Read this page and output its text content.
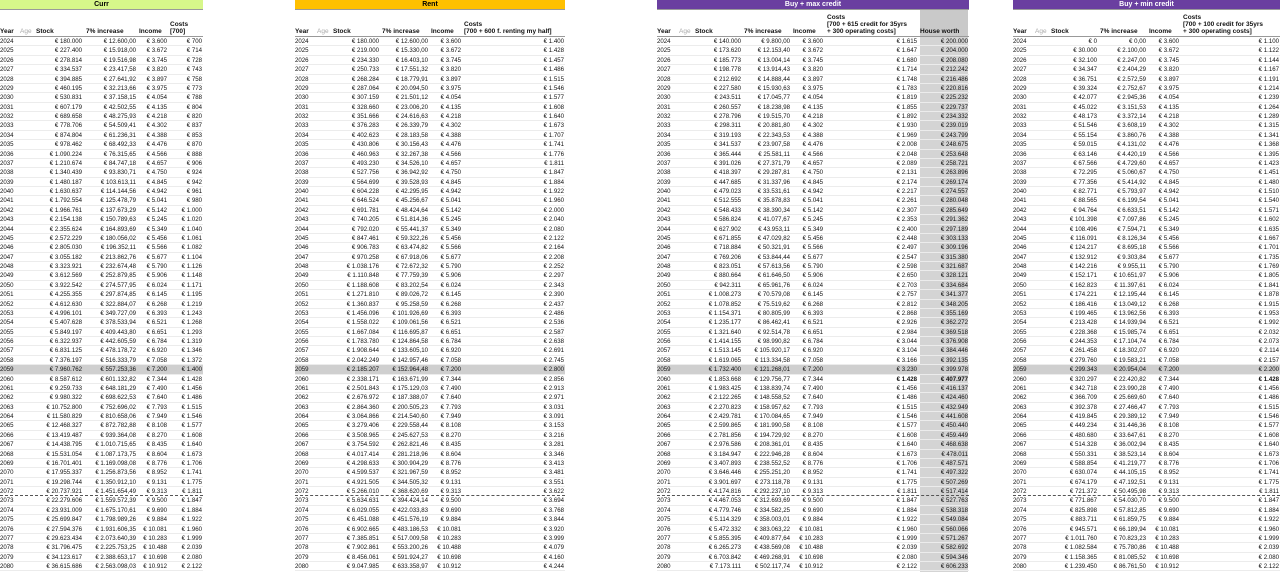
Curr
Year Age Stock	7% increase	Income
Costs
[700]
2024	€ 180.000	€ 12.600,00	€ 3.600	€ 700
2025	€ 227.400	€ 15.918,00	€ 3.672	€ 714
2026	€ 278.814	€ 19.516,98	€ 3.745	€ 728
2027	€ 334.537	€ 23.417,58	€ 3.820	€ 743
2028	€ 394.885	€ 27.641,92	€ 3.897	€ 758
2029	€ 460.195	€ 32.213,66	€ 3.975	€ 773
2030	€ 530.831	€ 37.158,15	€ 4.054	€ 788
2031	€ 607.179	€ 42.502,55	€ 4.135	€ 804
2032	€ 689.658	€ 48.275,93	€ 4.218	€ 820
2033	€ 778.706	€ 54.509,41	€ 4.302	€ 837
2034	€ 874.804	€ 61.236,31	€ 4.388	€ 853
2035	€ 978.462	€ 68.492,33	€ 4.476	€ 870
2036	€ 1.090.224	€ 76.315,65	€ 4.566	€ 888
2037	€ 1.210.674	€ 84.747,18	€ 4.657	€ 906
2038	€ 1.340.439	€ 93.830,71	€ 4.750	€ 924
2039	€ 1.480.187	€ 103.613,11	€ 4.845	€ 942
2040	€ 1.630.637	€ 114.144,56	€ 4.942	€ 961
2041	€ 1.792.554	€ 125.478,79	€ 5.041	€ 980
2042	€ 1.966.761	€ 137.673,29	€ 5.142	€ 1.000
2043	€ 2.154.138	€ 150.789,63	€ 5.245	€ 1.020
2044	€ 2.355.624	€ 164.893,69	€ 5.349	€ 1.040
2045	€ 2.572.229	€ 180.056,02	€ 5.456	€ 1.061
2046	€ 2.805.030	€ 196.352,11	€ 5.566	€ 1.082
2047	€ 3.055.182	€ 213.862,76	€ 5.677	€ 1.104
2048	€ 3.323.921	€ 232.674,48	€ 5.790	€ 1.126
2049	€ 3.612.569	€ 252.879,85	€ 5.906	€ 1.148
2050	€ 3.922.542	€ 274.577,95	€ 6.024	€ 1.171
2051	€ 4.255.355	€ 297.874,85	€ 6.145	€ 1.195
2052	€ 4.612.630	€ 322.884,07	€ 6.268	€ 1.219
2053	€ 4.996.101	€ 349.727,09	€ 6.393	€ 1.243
2054	€ 5.407.628	€ 378.533,94	€ 6.521	€ 1.268
2055	€ 5.849.197	€ 409.443,80	€ 6.651	€ 1.293
2056	€ 6.322.937	€ 442.605,59	€ 6.784	€ 1.319
2057	€ 6.831.125	€ 478.178,72	€ 6.920	€ 1.346
2058	€ 7.376.197	€ 516.333,79	€ 7.058	€ 1.372
2059	€ 7.960.762	€ 557.253,36	€ 7.200	€ 1.400
2060	€ 8.587.612	€ 601.132,82	€ 7.344	€ 1.428
2061	€ 9.259.733	€ 648.181,29	€ 7.490	€ 1.456
2062	€ 9.980.322	€ 698.622,53	€ 7.640	€ 1.486
2063	€ 10.752.800	€ 752.696,02	€ 7.793	€ 1.515
2064	€ 11.580.829	€ 810.658,06	€ 7.949	€ 1.546
2065	€ 12.468.327	€ 872.782,88	€ 8.108	€ 1.577
2066	€ 13.419.487	€ 939.364,08	€ 8.270	€ 1.608
2067	€ 14.438.795	€ 1.010.715,65	€ 8.435	€ 1.640
2068	€ 15.531.054	€ 1.087.173,75	€ 8.604	€ 1.673
2069	€ 16.701.401	€ 1.169.098,08	€ 8.776	€ 1.706
2070	€ 17.955.337	€ 1.256.873,56	€ 8.952	€ 1.741
2071	€ 19.298.744	€ 1.350.912,10	€ 9.131	€ 1.775
2072	€ 20.737.921	€ 1.451.654,49	€ 9.313	€ 1.811
2073	€ 22.279.606	€ 1.559.572,39	€ 9.500	€ 1.847
2074	€ 23.931.009	€ 1.675.170,61	€ 9.690	€ 1.884
2075	€ 25.699.847	€ 1.798.989,26	€ 9.884	€ 1.922
2076	€ 27.594.376	€ 1.931.606,35	€ 10.081	€ 1.960
2077	€ 29.623.434	€ 2.073.640,39	€ 10.283	€ 1.999
2078	€ 31.796.475	€ 2.225.753,25	€ 10.488	€ 2.039
2079	€ 34.123.617	€ 2.388.653,17	€ 10.698	€ 2.080
2080	€ 36.615.686	€ 2.563.098,03	€ 10.912	€ 2.122
Rent
Year	Age Stock	7% increase	Income
Costs
[700 + 600 f. renting my half]
2024	€ 180.000	€ 12.600,00	€ 3.600	€ 1.400
2025	€ 219.000	€ 15.330,00	€ 3.672	€ 1.428
2026	€ 234.330	€ 16.403,10	€ 3.745	€ 1.457
2027	€ 250.733	€ 17.551,32	€ 3.820	€ 1.486
2028	€ 268.284	€ 18.779,91	€ 3.897	€ 1.515
2029	€ 287.064	€ 20.094,50	€ 3.975	€ 1.546
2030	€ 307.159	€ 21.501,12	€ 4.054	€ 1.577
2031	€ 328.660	€ 23.006,20	€ 4.135	€ 1.608
2032	€ 351.666	€ 24.616,63	€ 4.218	€ 1.640
2033	€ 376.283	€ 26.339,79	€ 4.302	€ 1.673
2034	€ 402.623	€ 28.183,58	€ 4.388	€ 1.707
2035	€ 430.806	€ 30.156,43	€ 4.476	€ 1.741
2036	€ 460.963	€ 32.267,38	€ 4.566	€ 1.776
2037	€ 493.230	€ 34.526,10	€ 4.657	€ 1.811
2038	€ 527.756	€ 36.942,92	€ 4.750	€ 1.847
2039	€ 564.699	€ 39.528,93	€ 4.845	€ 1.884
2040	€ 604.228	€ 42.295,95	€ 4.942	€ 1.922
2041	€ 646.524	€ 45.256,67	€ 5.041	€ 1.960
2042	€ 691.781	€ 48.424,64	€ 5.142	€ 2.000
2043	€ 740.205	€ 51.814,36	€ 5.245	€ 2.040
2044	€ 792.020	€ 55.441,37	€ 5.349	€ 2.080
2045	€ 847.461	€ 59.322,26	€ 5.456	€ 2.122
2046	€ 906.783	€ 63.474,82	€ 5.566	€ 2.164
2047	€ 970.258	€ 67.918,06	€ 5.677	€ 2.208
2048	€ 1.038.176	€ 72.672,32	€ 5.790	€ 2.252
2049	€ 1.110.848	€ 77.759,39	€ 5.906	€ 2.297
2050	€ 1.188.608	€ 83.202,54	€ 6.024	€ 2.343
2051	€ 1.271.810	€ 89.026,72	€ 6.145	€ 2.390
2052	€ 1.360.837	€ 95.258,59	€ 6.268	€ 2.437
2053	€ 1.456.096	€ 101.926,69	€ 6.393	€ 2.486
2054	€ 1.558.022	€ 109.061,56	€ 6.521	€ 2.536
2055	€ 1.667.084	€ 116.695,87	€ 6.651	€ 2.587
2056	€ 1.783.780	€ 124.864,58	€ 6.784	€ 2.638
2057	€ 1.908.644	€ 133.605,10	€ 6.920	€ 2.691
2058	€ 2.042.249	€ 142.957,46	€ 7.058	€ 2.745
2059	€ 2.185.207	€ 152.964,48	€ 7.200	€ 2.800
2060	€ 2.338.171	€ 163.671,99	€ 7.344	€ 2.856
2061	€ 2.501.843	€ 175.129,03	€ 7.490	€ 2.913
2062	€ 2.676.972	€ 187.388,07	€ 7.640	€ 2.971
2063	€ 2.864.360	€ 200.505,23	€ 7.793	€ 3.031
2064	€ 3.064.866	€ 214.540,60	€ 7.949	€ 3.091
2065	€ 3.279.406	€ 229.558,44	€ 8.108	€ 3.153
2066	€ 3.508.965	€ 245.627,53	€ 8.270	€ 3.216
2067	€ 3.754.592	€ 262.821,46	€ 8.435	€ 3.281
2068	€ 4.017.414	€ 281.218,96	€ 8.604	€ 3.346
2069	€ 4.298.633	€ 300.904,29	€ 8.776	€ 3.413
2070	€ 4.599.537	€ 321.967,59	€ 8.952	€ 3.481
2071	€ 4.921.505	€ 344.505,32	€ 9.131	€ 3.551
2072	€ 5.266.010	€ 368.620,69	€ 9.313	€ 3.622
2073	€ 5.634.631	€ 394.424,14	€ 9.500	€ 3.694
2074	€ 6.029.055	€ 422.033,83	€ 9.690	€ 3.768
2075	€ 6.451.088	€ 451.576,19	€ 9.884	€ 3.844
2076	€ 6.902.665	€ 483.186,53	€ 10.081	€ 3.920
2077	€ 7.385.851	€ 517.009,58	€ 10.283	€ 3.999
2078	€ 7.902.861	€ 553.200,26	€ 10.488	€ 4.079
2079	€ 8.456.061	€ 591.924,27	€ 10.698	€ 4.160
2080	€ 9.047.985	€ 633.358,97	€ 10.912	€ 4.244
Buy + max credit
Year	Age Stock	7% increase	Income
Costs
[700 + 615 credit for 35yrs
+ 300 operating costs]	House worth
2024	€ 140.000	€ 9.800,00	€ 3.600	€ 1.615	€ 200.000
2025	€ 173.620	€ 12.153,40	€ 3.672	€ 1.647	€ 204.000
2026	€ 185.773	€ 13.004,14	€ 3.745	€ 1.680	€ 208.080
2027	€ 198.778	€ 13.914,43	€ 3.820	€ 1.714	€ 212.242
2028	€ 212.692	€ 14.888,44	€ 3.897	€ 1.748	€ 216.486
2029	€ 227.580	€ 15.930,63	€ 3.975	€ 1.783	€ 220.816
2030	€ 243.511	€ 17.045,77	€ 4.054	€ 1.819	€ 225.232
2031	€ 260.557	€ 18.238,98	€ 4.135	€ 1.855	€ 229.737
2032	€ 278.796	€ 19.515,70	€ 4.218	€ 1.892	€ 234.332
2033	€ 298.311	€ 20.881,80	€ 4.302	€ 1.930	€ 239.019
2034	€ 319.193	€ 22.343,53	€ 4.388	€ 1.969	€ 243.799
2035	€ 341.537	€ 23.907,58	€ 4.476	€ 2.008	€ 248.675
2036	€ 365.444	€ 25.581,11	€ 4.566	€ 2.048	€ 253.648
2037	€ 391.026	€ 27.371,79	€ 4.657	€ 2.089	€ 258.721
2038	€ 418.397	€ 29.287,81	€ 4.750	€ 2.131	€ 263.896
2039	€ 447.685	€ 31.337,96	€ 4.845	€ 2.174	€ 269.174
2040	€ 479.023	€ 33.531,61	€ 4.942	€ 2.217	€ 274.557
2041	€ 512.555	€ 35.878,83	€ 5.041	€ 2.261	€ 280.048
2042	€ 548.433	€ 38.390,34	€ 5.142	€ 2.307	€ 285.649
2043	€ 586.824	€ 41.077,67	€ 5.245	€ 2.353	€ 291.362
2044	€ 627.902	€ 43.953,11	€ 5.349	€ 2.400	€ 297.189
2045	€ 671.855	€ 47.029,82	€ 5.456	€ 2.448	€ 303.133
2046	€ 718.884	€ 50.321,91	€ 5.566	€ 2.497	€ 309.196
2047	€ 769.206	€ 53.844,44	€ 5.677	€ 2.547	€ 315.380
2048	€ 823.051	€ 57.613,56	€ 5.790	€ 2.598	€ 321.687
2049	€ 880.664	€ 61.646,50	€ 5.906	€ 2.650	€ 328.121
2050	€ 942.311	€ 65.961,76	€ 6.024	€ 2.703	€ 334.684
2051	€ 1.008.273	€ 70.579,08	€ 6.145	€ 2.757	€ 341.377
2052	€ 1.078.852	€ 75.519,62	€ 6.268	€ 2.812	€ 348.205
2053	€ 1.154.371	€ 80.805,99	€ 6.393	€ 2.868	€ 355.169
2054	€ 1.235.177	€ 86.462,41	€ 6.521	€ 2.926	€ 362.272
2055	€ 1.321.640	€ 92.514,78	€ 6.651	€ 2.984	€ 369.518
2056	€ 1.414.155	€ 98.990,82	€ 6.784	€ 3.044	€ 376.908
2057	€ 1.513.145	€ 105.920,17	€ 6.920	€ 3.104	€ 384.446
2058	€ 1.619.065	€ 113.334,58	€ 7.058	€ 3.166	€ 392.135
2059	€ 1.732.400	€ 121.268,01	€ 7.200	€ 3.230	€ 399.978
2060	€ 1.853.668	€ 129.756,77	€ 7.344	€ 1.428	€ 407.977
2061	€ 1.983.425	€ 138.839,74	€ 7.490	€ 1.456	€ 416.137
2062	€ 2.122.265	€ 148.558,52	€ 7.640	€ 1.486	€ 424.460
2063	€ 2.270.823	€ 158.957,62	€ 7.793	€ 1.515	€ 432.949
2064	€ 2.429.781	€ 170.084,65	€ 7.949	€ 1.546	€ 441.608
2065	€ 2.599.865	€ 181.990,58	€ 8.108	€ 1.577	€ 450.440
2066	€ 2.781.856	€ 194.729,92	€ 8.270	€ 1.608	€ 459.449
2067	€ 2.976.586	€ 208.361,01	€ 8.435	€ 1.640	€ 468.638
2068	€ 3.184.947	€ 222.946,28	€ 8.604	€ 1.673	€ 478.011
2069	€ 3.407.893	€ 238.552,52	€ 8.776	€ 1.706	€ 487.571
2070	€ 3.646.446	€ 255.251,20	€ 8.952	€ 1.741	€ 497.322
2071	€ 3.901.697	€ 273.118,78	€ 9.131	€ 1.775	€ 507.269
2072	€ 4.174.816	€ 292.237,10	€ 9.313	€ 1.811	€ 517.414
2073	€ 4.467.053	€ 312.693,69	€ 9.500	€ 1.847	€ 527.763
2074	€ 4.779.746	€ 334.582,25	€ 9.690	€ 1.884	€ 538.318
2075	€ 5.114.329	€ 358.003,01	€ 9.884	€ 1.922	€ 549.084
2076	€ 5.472.332	€ 383.063,22	€ 10.081	€ 1.960	€ 560.066
2077	€ 5.855.395	€ 409.877,64	€ 10.283	€ 1.999	€ 571.267
2078	€ 6.265.273	€ 438.569,08	€ 10.488	€ 2.039	€ 582.692
2079	€ 6.703.842	€ 469.268,91	€ 10.698	€ 2.080	€ 594.346
2080	€ 7.173.111	€ 502.117,74	€ 10.912	€ 2.122	€ 606.233
Buy + min credit
Year	Age Stock	7% increase	Income
Costs
[700 + 100 credit for 35yrs
+ 300 operating costs]
2024	€ 0	€ 0,00	€ 3.600	€ 1.100
2025	€ 30.000	€ 2.100,00	€ 3.672	€ 1.122
2026	€ 32.100	€ 2.247,00	€ 3.745	€ 1.144
2027	€ 34.347	€ 2.404,29	€ 3.820	€ 1.167
2028	€ 36.751	€ 2.572,59	€ 3.897	€ 1.191
2029	€ 39.324	€ 2.752,67	€ 3.975	€ 1.214
2030	€ 42.077	€ 2.945,36	€ 4.054	€ 1.239
2031	€ 45.022	€ 3.151,53	€ 4.135	€ 1.264
2032	€ 48.173	€ 3.372,14	€ 4.218	€ 1.289
2033	€ 51.546	€ 3.608,19	€ 4.302	€ 1.315
2034	€ 55.154	€ 3.860,76	€ 4.388	€ 1.341
2035	€ 59.015	€ 4.131,02	€ 4.476	€ 1.368
2036	€ 63.146	€ 4.420,19	€ 4.566	€ 1.395
2037	€ 67.566	€ 4.729,60	€ 4.657	€ 1.423
2038	€ 72.295	€ 5.060,67	€ 4.750	€ 1.451
2039	€ 77.356	€ 5.414,92	€ 4.845	€ 1.480
2040	€ 82.771	€ 5.793,97	€ 4.942	€ 1.510
2041	€ 88.565	€ 6.199,54	€ 5.041	€ 1.540
2042	€ 94.764	€ 6.633,51	€ 5.142	€ 1.571
2043	€ 101.398	€ 7.097,86	€ 5.245	€ 1.602
2044	€ 108.496	€ 7.594,71	€ 5.349	€ 1.635
2045	€ 116.091	€ 8.126,34	€ 5.456	€ 1.667
2046	€ 124.217	€ 8.695,18	€ 5.566	€ 1.701
2047	€ 132.912	€ 9.303,84	€ 5.677	€ 1.735
2048	€ 142.216	€ 9.955,11	€ 5.790	€ 1.769
2049	€ 152.171	€ 10.651,97	€ 5.906	€ 1.805
2050	€ 162.823	€ 11.397,61	€ 6.024	€ 1.841
2051	€ 174.221	€ 12.195,44	€ 6.145	€ 1.878
2052	€ 186.416	€ 13.049,12	€ 6.268	€ 1.915
2053	€ 199.465	€ 13.962,56	€ 6.393	€ 1.953
2054	€ 213.428	€ 14.939,94	€ 6.521	€ 1.992
2055	€ 228.368	€ 15.985,74	€ 6.651	€ 2.032
2056	€ 244.353	€ 17.104,74	€ 6.784	€ 2.073
2057	€ 261.458	€ 18.302,07	€ 6.920	€ 2.114
2058	€ 279.760	€ 19.583,21	€ 7.058	€ 2.157
2059	€ 299.343	€ 20.954,04	€ 7.200	€ 2.200
2060	€ 320.297	€ 22.420,82	€ 7.344	€ 1.428
2061	€ 342.718	€ 23.990,28	€ 7.490	€ 1.456
2062	€ 366.709	€ 25.669,60	€ 7.640	€ 1.486
2063	€ 392.378	€ 27.466,47	€ 7.793	€ 1.515
2064	€ 419.845	€ 29.389,12	€ 7.949	€ 1.546
2065	€ 449.234	€ 31.446,36	€ 8.108	€ 1.577
2066	€ 480.680	€ 33.647,61	€ 8.270	€ 1.608
2067	€ 514.328	€ 36.002,94	€ 8.435	€ 1.640
2068	€ 550.331	€ 38.523,14	€ 8.604	€ 1.673
2069	€ 588.854	€ 41.219,77	€ 8.776	€ 1.706
2070	€ 630.074	€ 44.105,15	€ 8.952	€ 1.741
2071	€ 674.179	€ 47.192,51	€ 9.131	€ 1.775
2072	€ 721.372	€ 50.495,98	€ 9.313	€ 1.811
2073	€ 771.867	€ 54.030,70	€ 9.500	€ 1.847
2074	€ 825.898	€ 57.812,85	€ 9.690	€ 1.884
2075	€ 883.711	€ 61.859,75	€ 9.884	€ 1.922
2076	€ 945.571	€ 66.189,94	€ 10.081	€ 1.960
2077	€ 1.011.760	€ 70.823,23	€ 10.283	€ 1.999
2078	€ 1.082.584	€ 75.780,86	€ 10.488	€ 2.039
2079	€ 1.158.365	€ 81.085,52	€ 10.698	€ 2.080
2080	€ 1.239.450	€ 86.761,50	€ 10.912	€ 2.122
